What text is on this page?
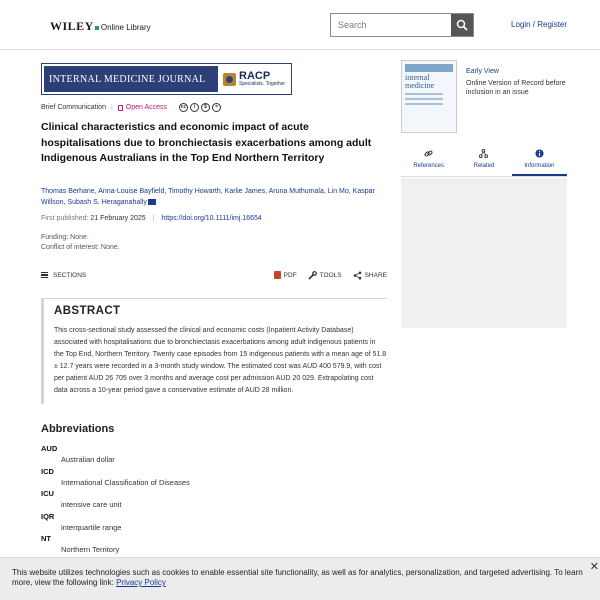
WILEY Online Library
Search	Login / Register
INTERNAL MEDICINE JOURNAL	RACP
Specialists. Together
Brief Communication | Open Access	cc	i	$	=
Clinical characteristics and economic impact of acute hospitalisations due to bronchiectasis exacerbations among adult Indigenous Australians in the Top End Northern Territory
Thomas Berhane, Anna-Louise Bayfield, Timothy Howarth, Karlie James, Aruna Muthumala, Lin Mo, Kaspar Willson, Subash S. Heraganahally
First published: 21 February 2025 | https://doi.org/10.1111/imj.16654
Funding: None.
Conflict of interest: None.
SECTIONS	PDF	TOOLS	SHARE
ABSTRACT

This cross-sectional study assessed the clinical and economic costs (Inpatient Activity Database) associated with hospitalisations due to bronchiectasis exacerbations among adult indigenous patients in the Top End, Northern Territory. Twenty case episodes from 15 indigenous patients with a mean age of 51.8 ± 12.7 years were recorded in a 3-month study window. The estimated cost was AUD 400 579.9, with cost per patient AUD 26 705 over 3 months and average cost per admission AUD 20 029. Extrapolating cost data across a 10-year period gave a conservative estimate of AUD 28 million.

Abbreviations
AUD
Australian dollar
ICD
International Classification of Diseases
ICU
intensive care unit
IQR
interquartile range
NT
Northern Territory
internal medicine
Early View
Online Version of Record before inclusion in an issue
References	Related	Information
This website utilizes technologies such as cookies to enable essential site functionality, as well as for analytics, personalization, and targeted advertising. To learn more, view the following link: Privacy Policy
✕
